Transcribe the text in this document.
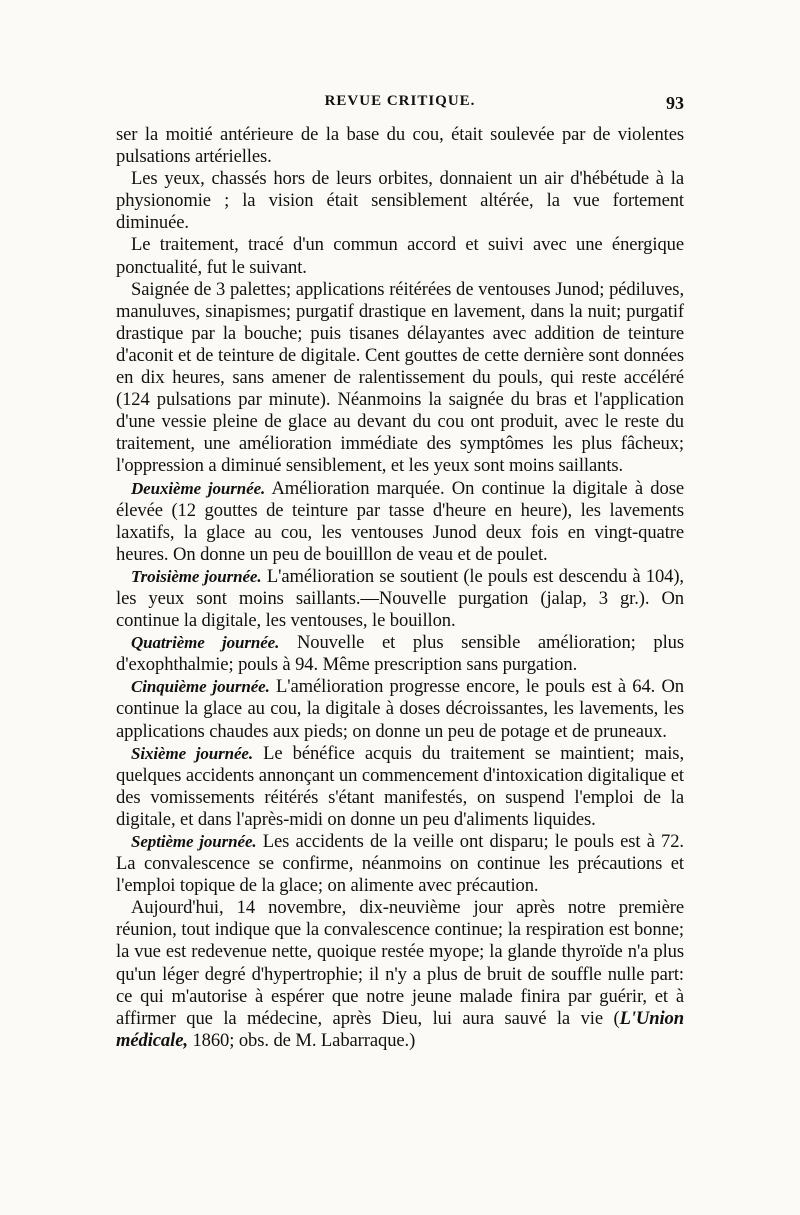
REVUE CRITIQUE.	93

ser la moitié antérieure de la base du cou, était soulevée par de violentes pulsations artérielles.

Les yeux, chassés hors de leurs orbites, donnaient un air d'hébétude à la physionomie ; la vision était sensiblement altérée, la vue fortement diminuée.

Le traitement, tracé d'un commun accord et suivi avec une énergique ponctualité, fut le suivant.

Saignée de 3 palettes; applications réitérées de ventouses Junod; pédiluves, manuluves, sinapismes; purgatif drastique en lavement, dans la nuit; purgatif drastique par la bouche; puis tisanes délayantes avec addition de teinture d'aconit et de teinture de digitale. Cent gouttes de cette dernière sont données en dix heures, sans amener de ralentissement du pouls, qui reste accéléré (124 pulsations par minute). Néanmoins la saignée du bras et l'application d'une vessie pleine de glace au devant du cou ont produit, avec le reste du traitement, une amélioration immédiate des symptômes les plus fâcheux; l'oppression a diminué sensiblement, et les yeux sont moins saillants.

Deuxième journée. Amélioration marquée. On continue la digitale à dose élevée (12 gouttes de teinture par tasse d'heure en heure), les lavements laxatifs, la glace au cou, les ventouses Junod deux fois en vingt-quatre heures. On donne un peu de bouilllon de veau et de poulet.

Troisième journée. L'amélioration se soutient (le pouls est descendu à 104), les yeux sont moins saillants.—Nouvelle purgation (jalap, 3 gr.). On continue la digitale, les ventouses, le bouillon.

Quatrième journée. Nouvelle et plus sensible amélioration; plus d'exophthalmie; pouls à 94. Même prescription sans purgation.

Cinquième journée. L'amélioration progresse encore, le pouls est à 64. On continue la glace au cou, la digitale à doses décroissantes, les lavements, les applications chaudes aux pieds; on donne un peu de potage et de pruneaux.

Sixième journée. Le bénéfice acquis du traitement se maintient; mais, quelques accidents annonçant un commencement d'intoxication digitalique et des vomissements réitérés s'étant manifestés, on suspend l'emploi de la digitale, et dans l'après-midi on donne un peu d'aliments liquides.

Septième journée. Les accidents de la veille ont disparu; le pouls est à 72. La convalescence se confirme, néanmoins on continue les précautions et l'emploi topique de la glace; on alimente avec précaution.

Aujourd'hui, 14 novembre, dix-neuvième jour après notre première réunion, tout indique que la convalescence continue; la respiration est bonne; la vue est redevenue nette, quoique restée myope; la glande thyroïde n'a plus qu'un léger degré d'hypertrophie; il n'y a plus de bruit de souffle nulle part: ce qui m'autorise à espérer que notre jeune malade finira par guérir, et à affirmer que la médecine, après Dieu, lui aura sauvé la vie (L'Union médicale, 1860; obs. de M. Labarraque.)
